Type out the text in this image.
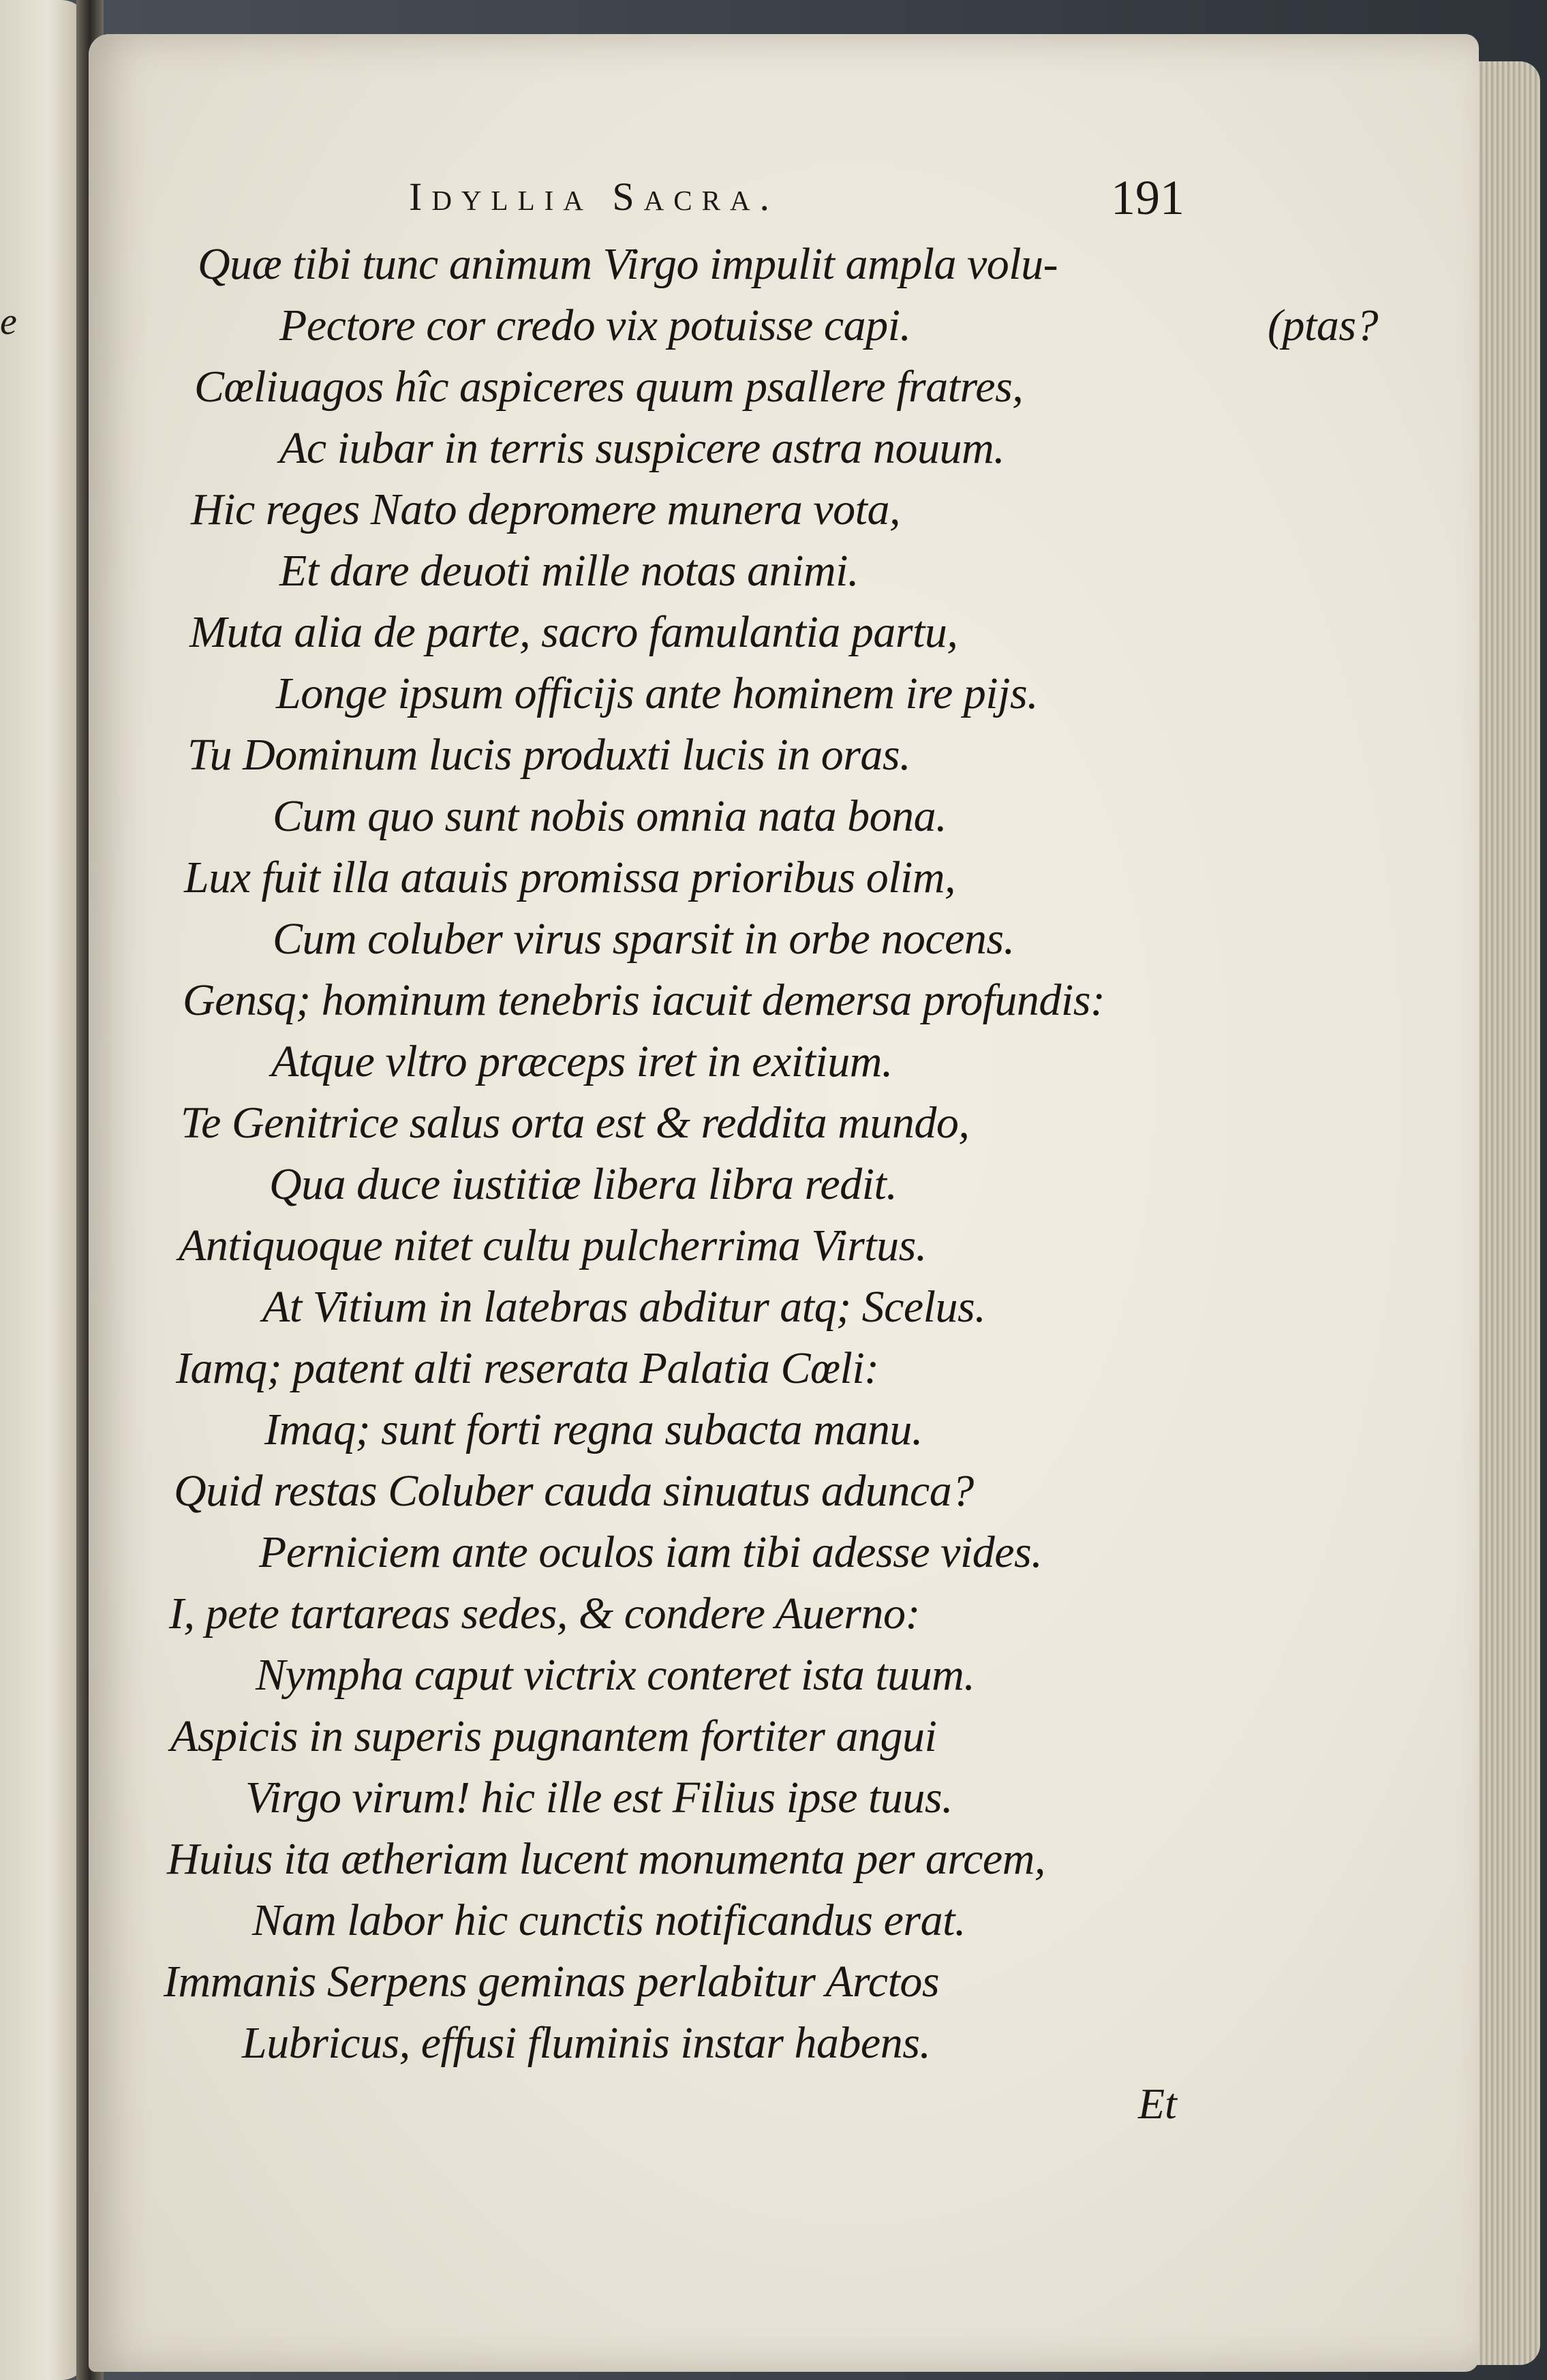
e
Idyllia Sacra.	191
Quæ tibi tunc animum Virgo impulit ampla volu-
Pectore cor credo vix potuisse capi.	(ptas?
Cœliuagos hîc aspiceres quum psallere fratres,
Ac iubar in terris suspicere astra nouum.
Hic reges Nato depromere munera vota,
Et dare deuoti mille notas animi.
Muta alia de parte, sacro famulantia partu,
Longe ipsum officijs ante hominem ire pijs.
Tu Dominum lucis produxti lucis in oras.
Cum quo sunt nobis omnia nata bona.
Lux fuit illa atauis promissa prioribus olim,
Cum coluber virus sparsit in orbe nocens.
Gensq; hominum tenebris iacuit demersa profundis:
Atque vltro præceps iret in exitium.
Te Genitrice salus orta est & reddita mundo,
Qua duce iustitiæ libera libra redit.
Antiquoque nitet cultu pulcherrima Virtus.
At Vitium in latebras abditur atq; Scelus.
Iamq; patent alti reserata Palatia Cœli:
Imaq; sunt forti regna subacta manu.
Quid restas Coluber cauda sinuatus adunca?
Perniciem ante oculos iam tibi adesse vides.
I, pete tartareas sedes, & condere Auerno:
Nympha caput victrix conteret ista tuum.
Aspicis in superis pugnantem fortiter angui
Virgo virum! hic ille est Filius ipse tuus.
Huius ita ætheriam lucent monumenta per arcem,
Nam labor hic cunctis notificandus erat.
Immanis Serpens geminas perlabitur Arctos
Lubricus, effusi fluminis instar habens.
Et
